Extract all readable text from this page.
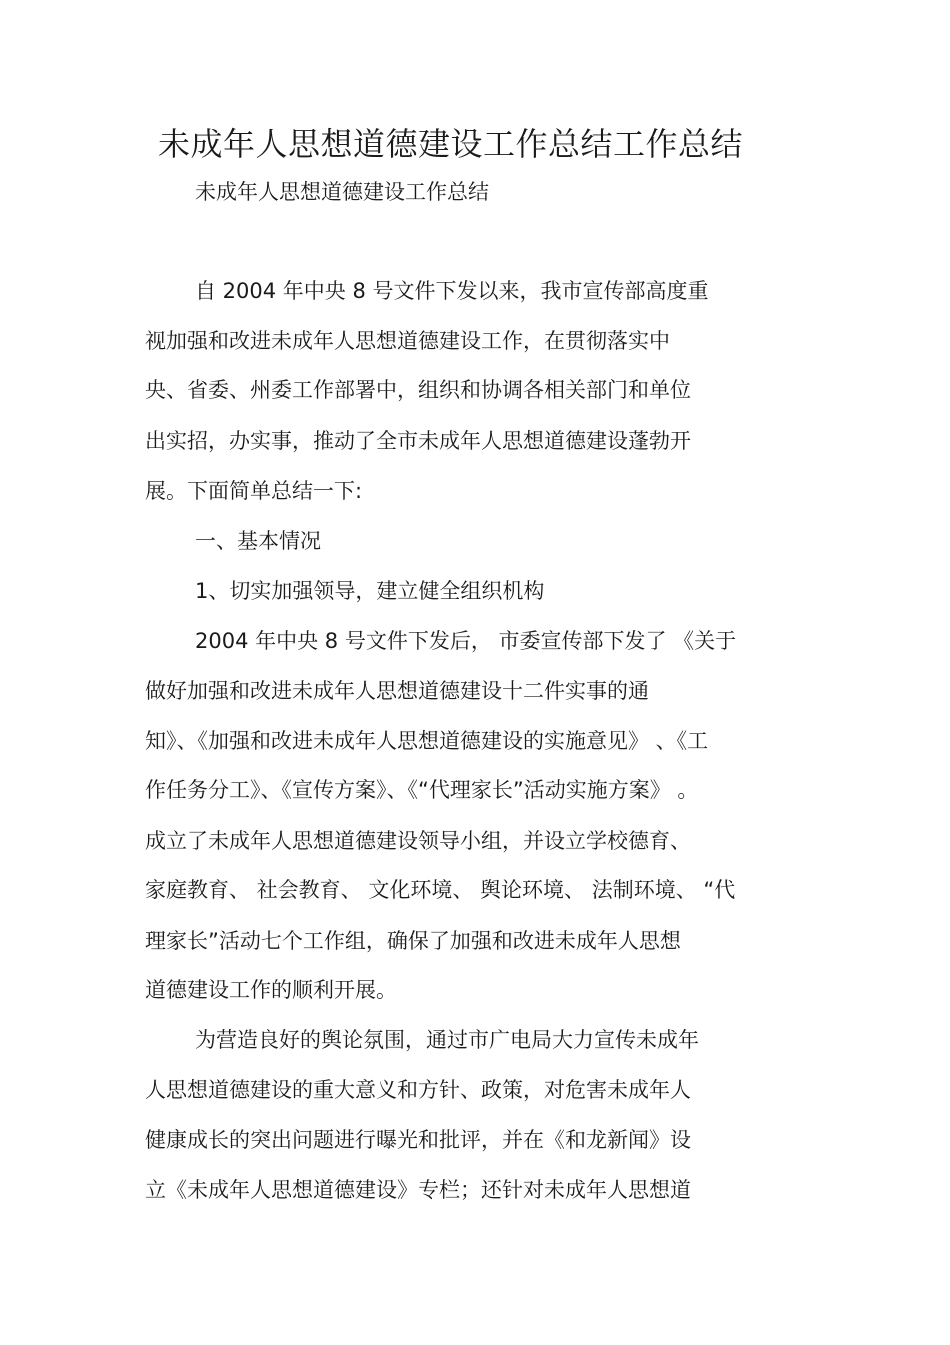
未成年人思想道德建设工作总结工作总结
未成年人思想道德建设工作总结
自 2004 年中央 8 号文件下发以来，我市宣传部高度重
视加强和改进未成年人思想道德建设工作，在贯彻落实中
央、省委、州委工作部署中，组织和协调各相关部门和单位
出实招，办实事，推动了全市未成年人思想道德建设蓬勃开
展。下面简单总结一下:
一、基本情况
1、切实加强领导，建立健全组织机构
2004 年中央 8 号文件下发后， 市委宣传部下发了 《关于
做好加强和改进未成年人思想道德建设十二件实事的通
知》、《加强和改进未成年人思想道德建设的实施意见》 、《工
作任务分工》、《宣传方案》、《“代理家长”活动实施方案》 。
成立了未成年人思想道德建设领导小组，并设立学校德育、
家庭教育、 社会教育、 文化环境、 舆论环境、 法制环境、 “代
理家长”活动七个工作组，确保了加强和改进未成年人思想
道德建设工作的顺利开展。
为营造良好的舆论氛围，通过市广电局大力宣传未成年
人思想道德建设的重大意义和方针、政策，对危害未成年人
健康成长的突出问题进行曝光和批评，并在《和龙新闻》设
立《未成年人思想道德建设》专栏；还针对未成年人思想道
